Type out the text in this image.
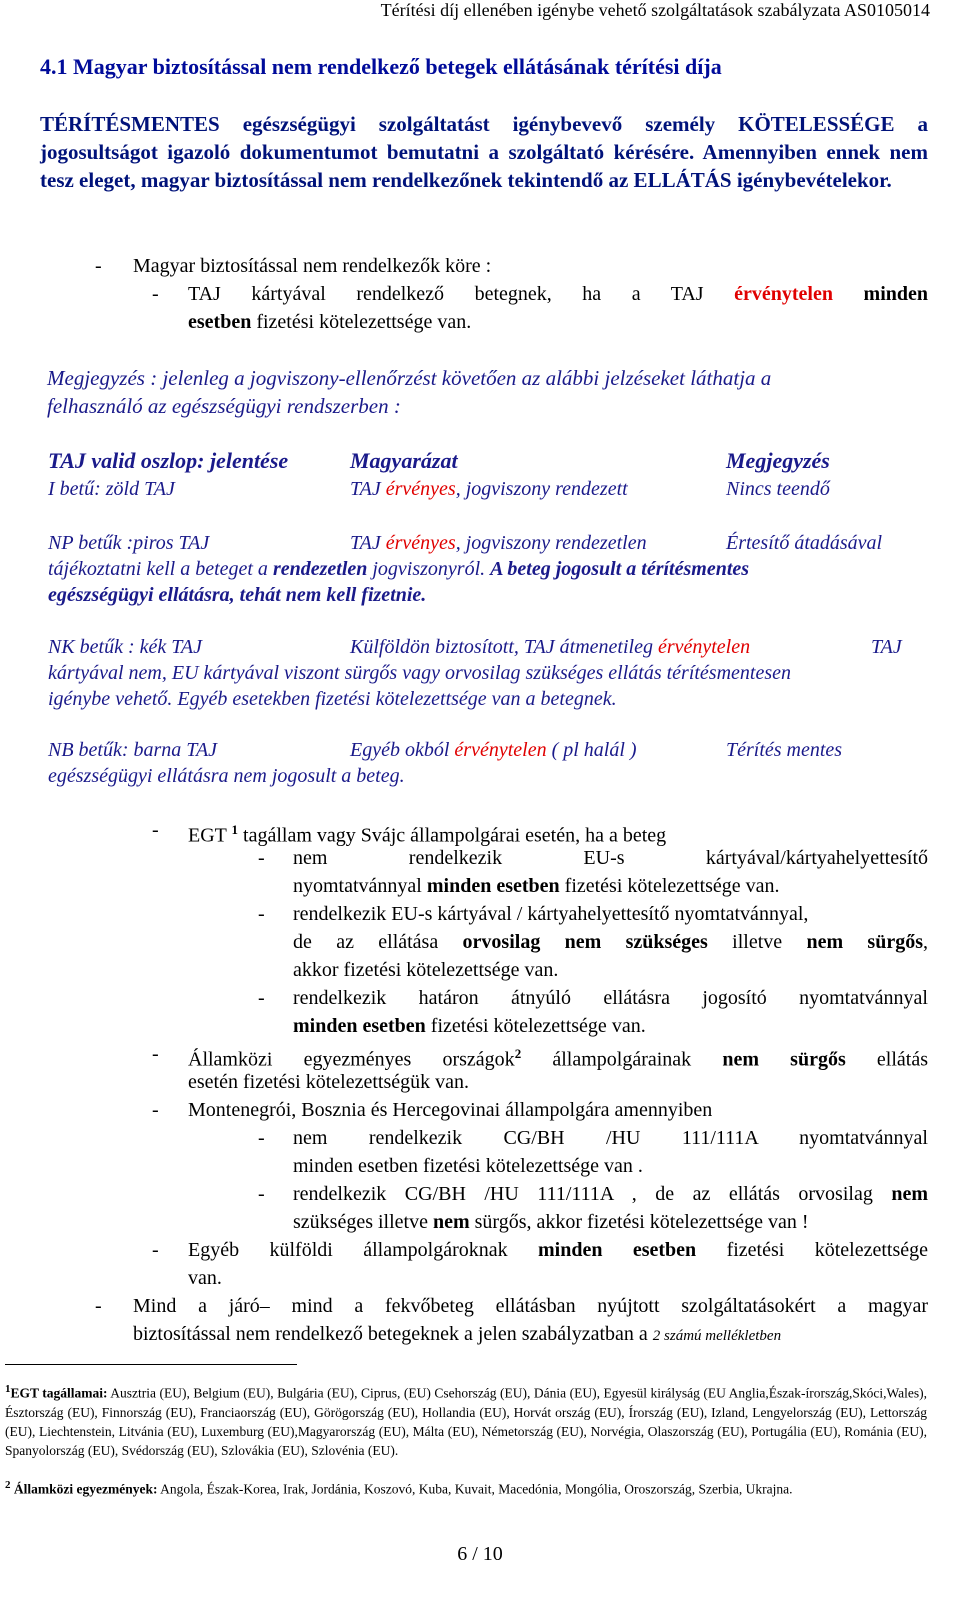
Térítési díj ellenében igénybe vehető szolgáltatások szabályzata AS0105014
4.1 Magyar biztosítással nem rendelkező betegek ellátásának térítési díja
TÉRÍTÉSMENTES egészségügyi szolgáltatást igénybevevő személy KÖTELESSÉGE a jogosultságot igazoló dokumentumot bemutatni a szolgáltató kérésére. Amennyiben ennek nem tesz eleget, magyar biztosítással nem rendelkezőnek tekintendő az ELLÁTÁS igénybevételekor.
- Magyar biztosítással nem rendelkezők köre :
- TAJ kártyával rendelkező betegnek, ha a TAJ érvénytelen minden
esetben fizetési kötelezettsége van.
Megjegyzés : jelenleg a jogviszony-ellenőrzést követően az alábbi jelzéseket láthatja a
felhasználó az egészségügyi rendszerben :
TAJ valid oszlop: jelentése	Magyarázat	Megjegyzés
I betű: zöld TAJ	TAJ érvényes, jogviszony rendezett	Nincs teendő
NP betűk :piros TAJ	TAJ érvényes, jogviszony rendezetlen	Értesítő átadásával
tájékoztatni kell a beteget a rendezetlen jogviszonyról. A beteg jogosult a térítésmentes
egészségügyi ellátásra, tehát nem kell fizetnie.
NK betűk : kék TAJ	Külföldön biztosított, TAJ átmenetileg érvénytelen	TAJ
kártyával nem, EU kártyával viszont sürgős vagy orvosilag szükséges ellátás térítésmentesen
igénybe vehető. Egyéb esetekben fizetési kötelezettsége van a betegnek.
NB betűk: barna TAJ	Egyéb okból érvénytelen ( pl halál )	Térítés mentes
egészségügyi ellátásra nem jogosult a beteg.
- EGT $^1$ tagállam vagy Svájc állampolgárai esetén, ha a beteg
- nem rendelkezik EU-s kártyával/kártyahelyettesítő
nyomtatvánnyal minden esetben fizetési kötelezettsége van.
- rendelkezik EU-s kártyával / kártyahelyettesítő nyomtatvánnyal,
de az ellátása orvosilag nem szükséges illetve nem sürgős,
akkor fizetési kötelezettsége van.
- rendelkezik határon átnyúló ellátásra jogosító nyomtatvánnyal
minden esetben fizetési kötelezettsége van.
- Államközi egyezményes országok$^2$ állampolgárainak nem sürgős ellátás
esetén fizetési kötelezettségük van.
- Montenegrói, Bosznia és Hercegovinai állampolgára amennyiben
- nem rendelkezik CG/BH /HU 111/111A nyomtatvánnyal
minden esetben fizetési kötelezettsége van .
- rendelkezik CG/BH /HU 111/111A , de az ellátás orvosilag nem
szükséges illetve nem sürgős, akkor fizetési kötelezettsége van !
- Egyéb külföldi állampolgároknak minden esetben fizetési kötelezettsége
van.
- Mind a járó– mind a fekvőbeteg ellátásban nyújtott szolgáltatásokért a magyar
biztosítással nem rendelkező betegeknek a jelen szabályzatban a 2 számú mellékletben
$^1$EGT tagállamai: Ausztria (EU), Belgium (EU), Bulgária (EU), Ciprus, (EU) Csehország (EU), Dánia (EU), Egyesül királyság (EU Anglia,Észak-írország,Skóci,Wales), Észtország (EU), Finnország (EU), Franciaország (EU), Görögország (EU), Hollandia (EU), Horvát ország (EU), Írország (EU), Izland, Lengyelország (EU), Lettország (EU), Liechtenstein, Litvánia (EU), Luxemburg (EU),Magyarország (EU), Málta (EU), Németország (EU), Norvégia, Olaszország (EU), Portugália (EU), Románia (EU), Spanyolország (EU), Svédország (EU), Szlovákia (EU), Szlovénia (EU).
$^2$ Államközi egyezmények: Angola, Észak-Korea, Irak, Jordánia, Koszovó, Kuba, Kuvait, Macedónia, Mongólia, Oroszország, Szerbia, Ukrajna.
6 / 10
